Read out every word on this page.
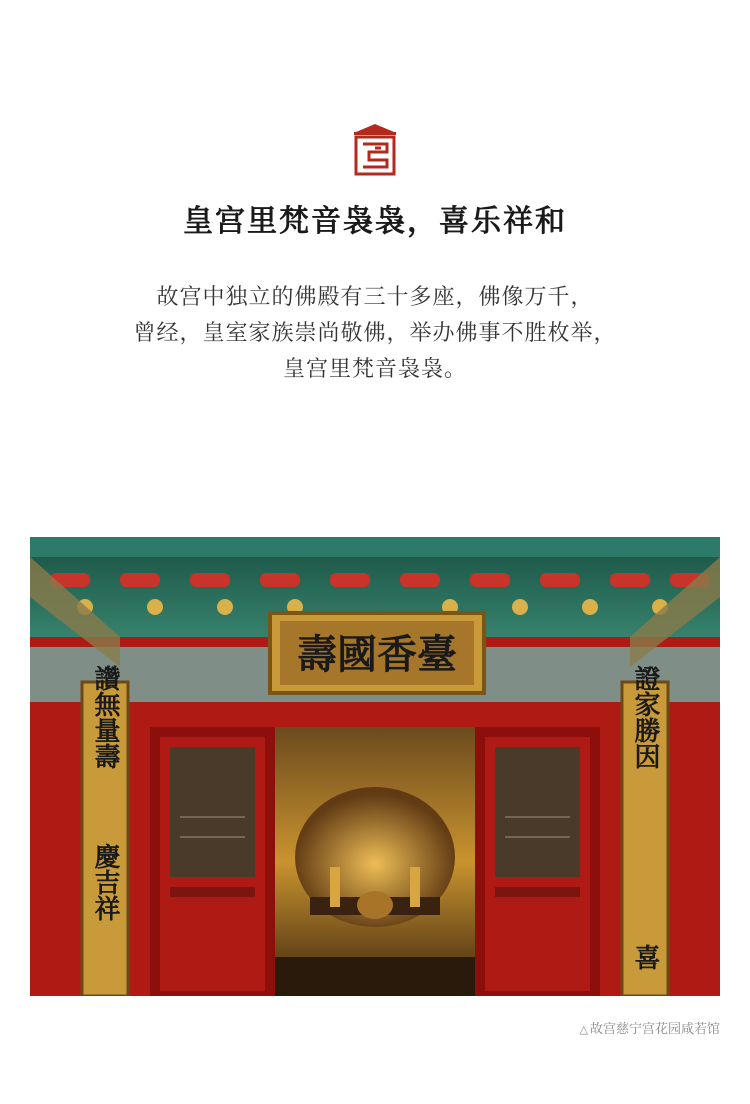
皇宫里梵音袅袅，喜乐祥和
故宫中独立的佛殿有三十多座，佛像万千，
曾经，皇室家族崇尚敬佛，举办佛事不胜枚举，
皇宫里梵音袅袅。
壽國香臺
讚無量壽
慶吉祥
證家勝因
喜
△ 故宫慈宁宫花园咸若馆
